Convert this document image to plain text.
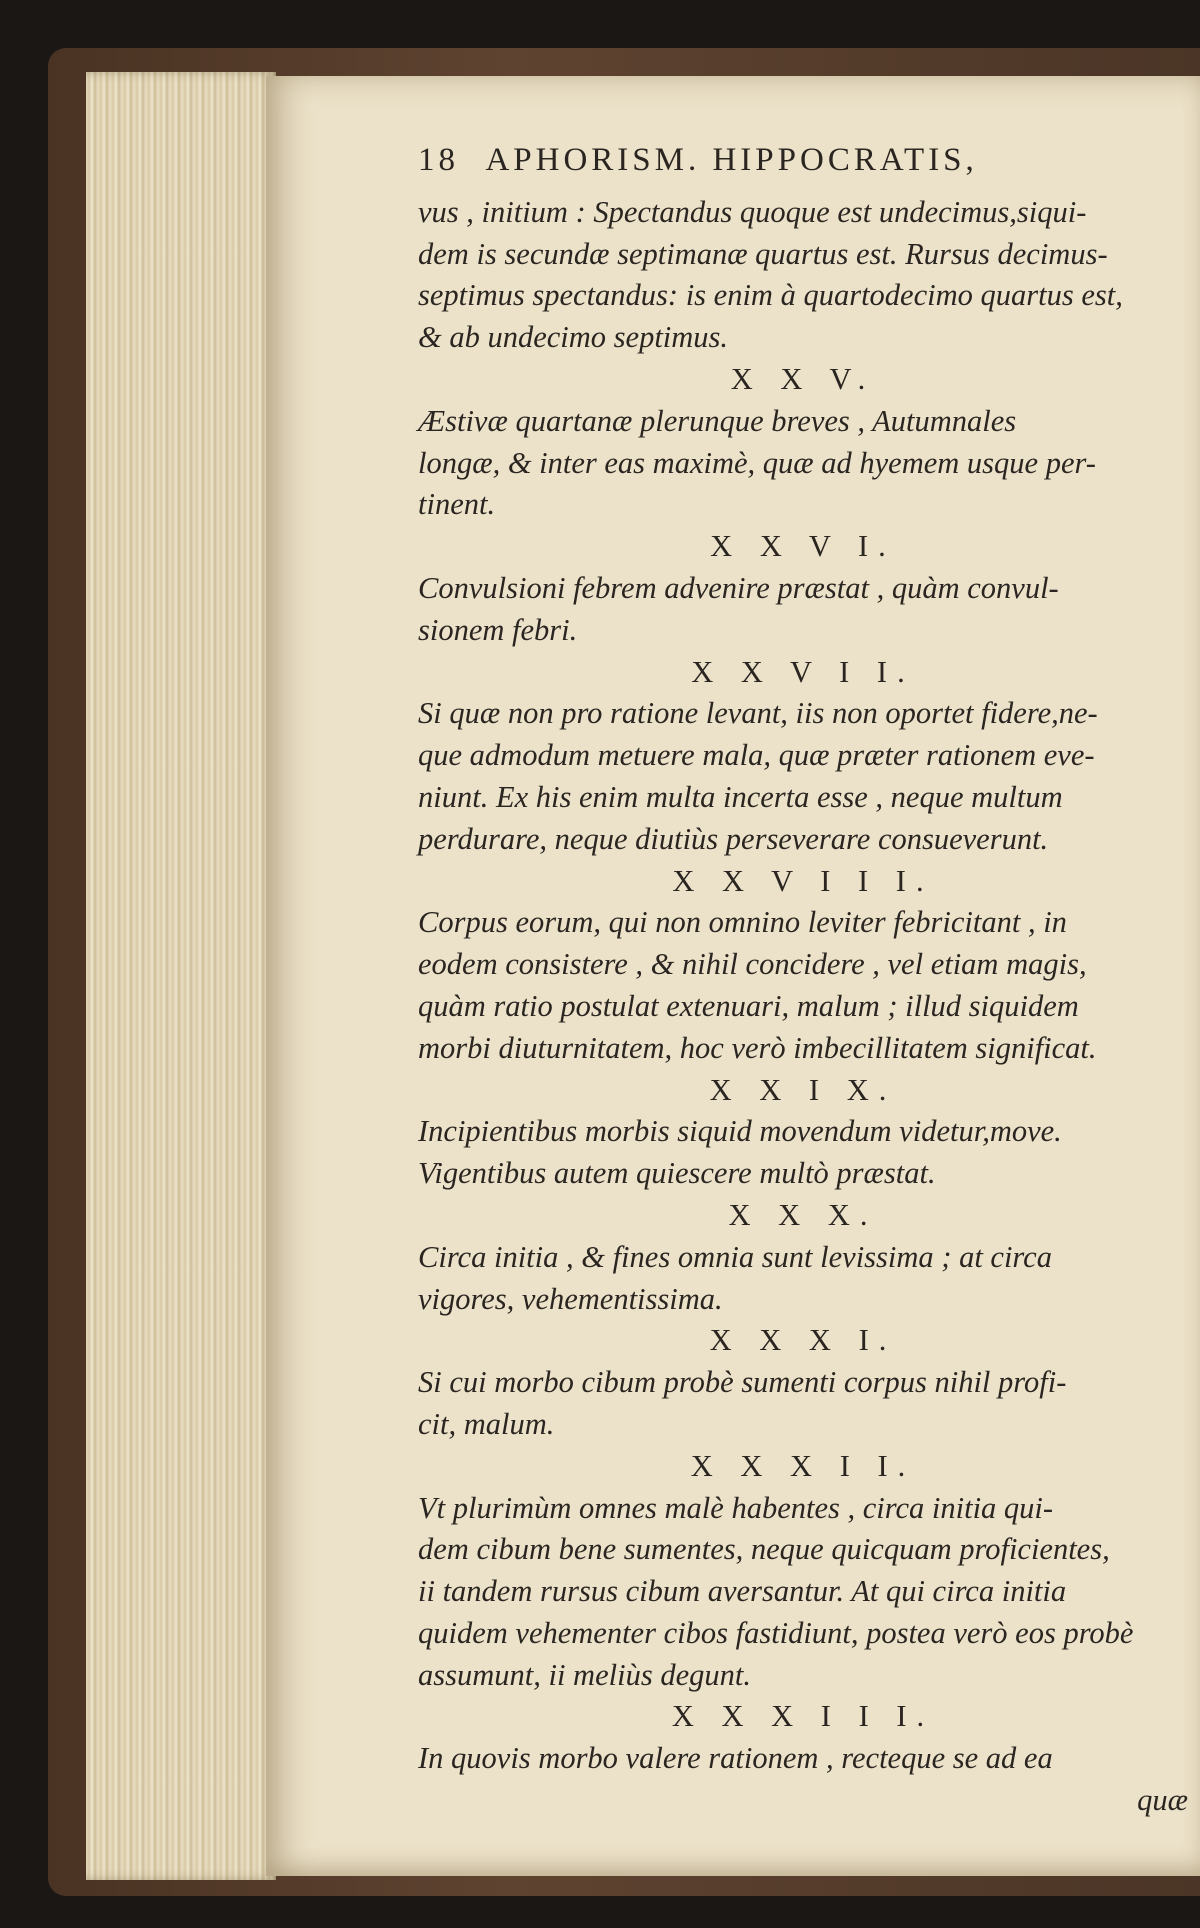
18 APHORISM. HIPPOCRATIS,
vus , initium : Spectandus quoque est undecimus,siqui-
dem is secundæ septimanæ quartus est. Rursus decimus-
septimus spectandus: is enim à quartodecimo quartus est,
& ab undecimo septimus.
X X V.
Æstivæ quartanæ plerunque breves , Autumnales
longæ, & inter eas maximè, quæ ad hyemem usque per-
tinent.
X X V I.
Convulsioni febrem advenire præstat , quàm convul-
sionem febri.
X X V I I.
Si quæ non pro ratione levant, iis non oportet fidere,ne-
que admodum metuere mala, quæ præter rationem eve-
niunt. Ex his enim multa incerta esse , neque multum
perdurare, neque diutiùs perseverare consueverunt.
X X V I I I.
Corpus eorum, qui non omnino leviter febricitant , in
eodem consistere , & nihil concidere , vel etiam magis,
quàm ratio postulat extenuari, malum ; illud siquidem
morbi diuturnitatem, hoc verò imbecillitatem significat.
X X I X.
Incipientibus morbis siquid movendum videtur,move.
Vigentibus autem quiescere multò præstat.
X X X.
Circa initia , & fines omnia sunt levissima ; at circa
vigores, vehementissima.
X X X I.
Si cui morbo cibum probè sumenti corpus nihil profi-
cit, malum.
X X X I I.
Vt plurimùm omnes malè habentes , circa initia qui-
dem cibum bene sumentes, neque quicquam proficientes,
ii tandem rursus cibum aversantur. At qui circa initia
quidem vehementer cibos fastidiunt, postea verò eos probè
assumunt, ii meliùs degunt.
X X X I I I.
In quovis morbo valere rationem , recteque se ad ea
quæ
